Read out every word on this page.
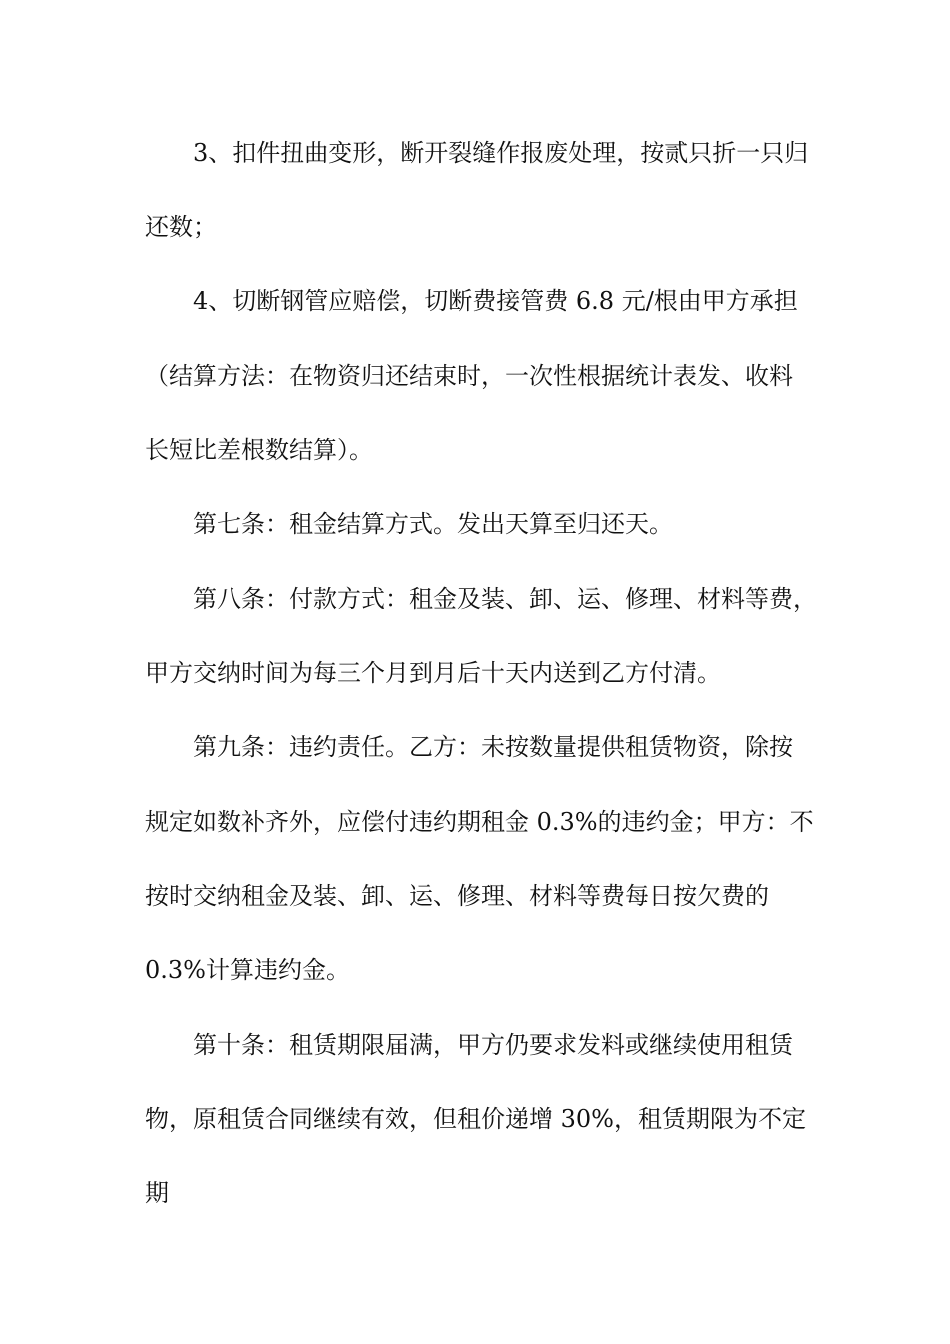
3、扣件扭曲变形，断开裂缝作报废处理，按贰只折一只归
还数；
4、切断钢管应赔偿，切断费接管费 6.8 元/根由甲方承担
（结算方法：在物资归还结束时，一次性根据统计表发、收料
长短比差根数结算）。
第七条：租金结算方式。发出天算至归还天。
第八条：付款方式：租金及装、卸、运、修理、材料等费，
甲方交纳时间为每三个月到月后十天内送到乙方付清。
第九条：违约责任。乙方：未按数量提供租赁物资，除按
规定如数补齐外，应偿付违约期租金 0.3%的违约金；甲方：不
按时交纳租金及装、卸、运、修理、材料等费每日按欠费的
0.3%计算违约金。
第十条：租赁期限届满，甲方仍要求发料或继续使用租赁
物，原租赁合同继续有效，但租价递增 30%，租赁期限为不定
期
